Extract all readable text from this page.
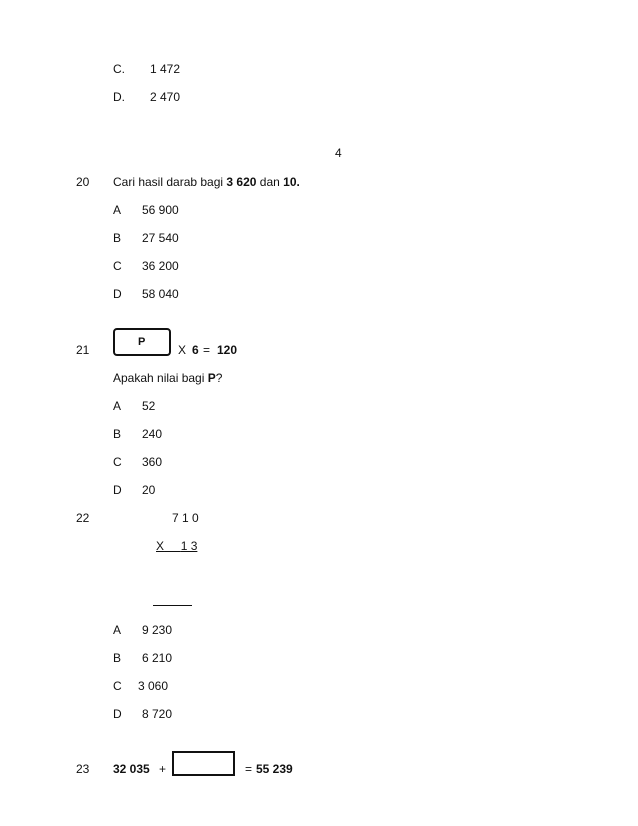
C. 1 472
D. 2 470
4
20 Cari hasil darab bagi 3 620 dan 10.
A 56 900
B 27 540
C 36 200
D 58 040
21
P
X 6 = 120
Apakah nilai bagi P?
A 52
B 240
C 360
D 20
22	7 1 0
X 1 3
A 9 230
B 6 210
C 3 060
D 8 720
23 32 035 +	= 55 239
